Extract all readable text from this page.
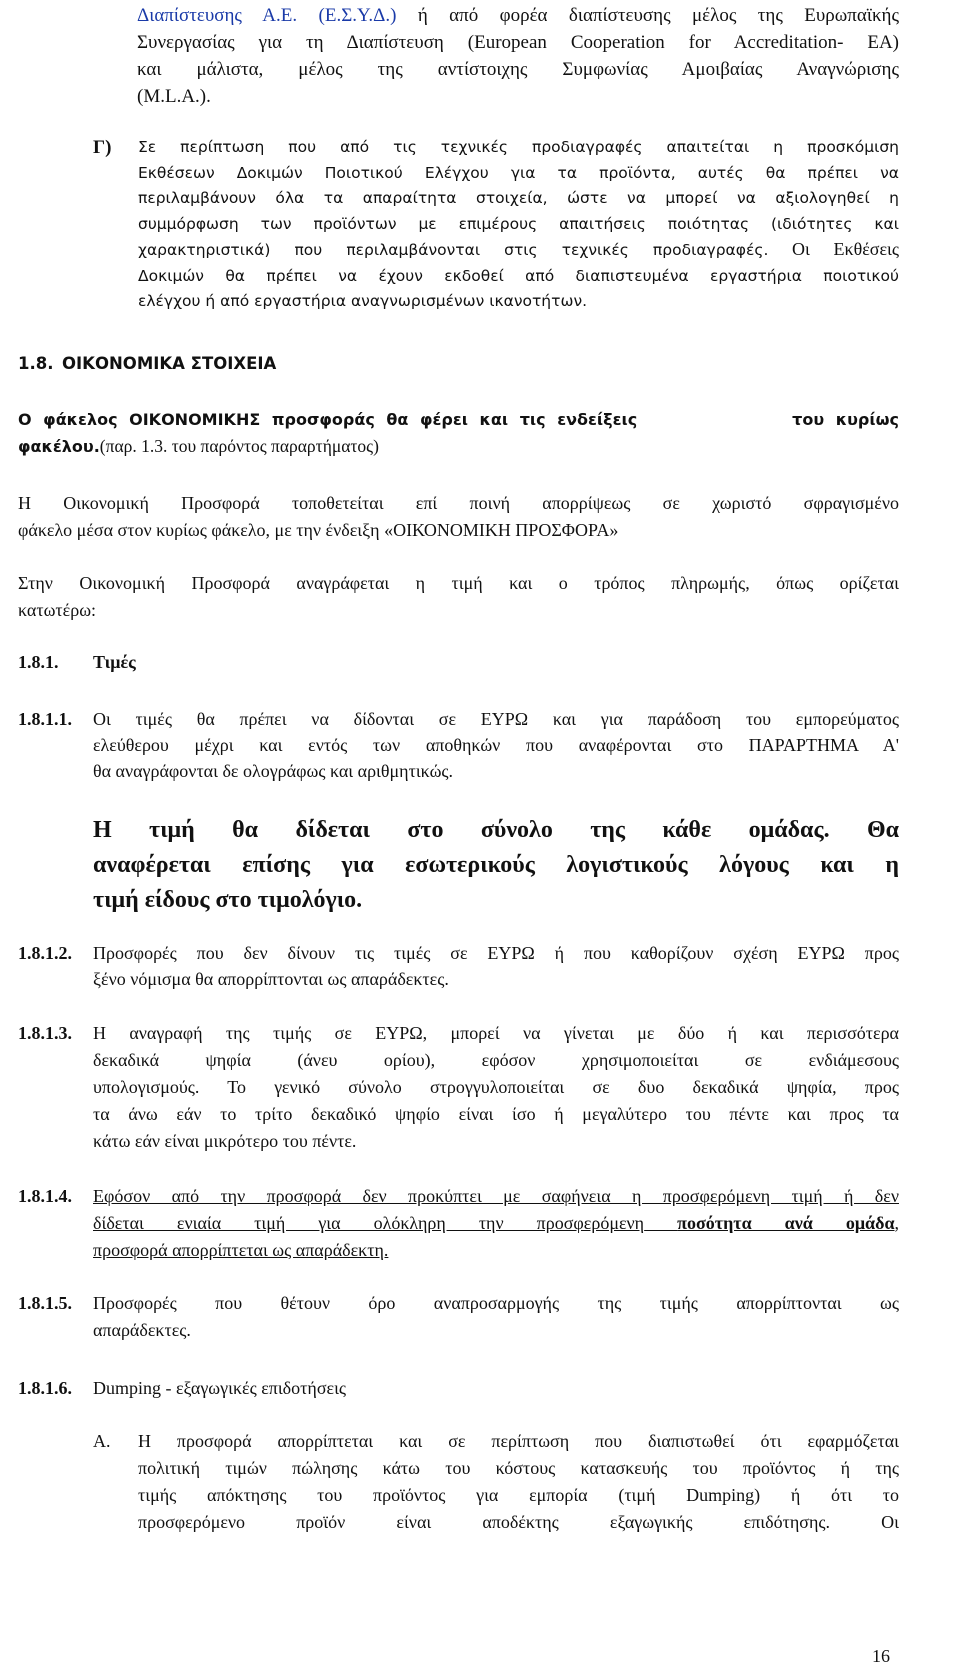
Διαπίστευσης Α.Ε. (Ε.Σ.Υ.Δ.) ή από φορέα διαπίστευσης μέλος της Ευρωπαϊκής
Συνεργασίας για τη Διαπίστευση (European Cooperation for Accreditation- EA)
και μάλιστα, μέλος της αντίστοιχης Συμφωνίας Αμοιβαίας Αναγνώρισης
(M.L.A.).
Γ)	Σε περίπτωση που από τις τεχνικές προδιαγραφές απαιτείται η προσκόμιση
Εκθέσεων Δοκιμών Ποιοτικού Ελέγχου για τα προϊόντα, αυτές θα πρέπει να
περιλαμβάνουν όλα τα απαραίτητα στοιχεία, ώστε να μπορεί να αξιολογηθεί η
συμμόρφωση των προϊόντων με επιμέρους απαιτήσεις ποιότητας (ιδιότητες και
χαρακτηριστικά) που περιλαμβάνονται στις τεχνικές προδιαγραφές. Οι Εκθέσεις
Δοκιμών θα πρέπει να έχουν εκδοθεί από διαπιστευμένα εργαστήρια ποιοτικού
ελέγχου ή από εργαστήρια αναγνωρισμένων ικανοτήτων.
1.8. ΟΙΚΟΝΟΜΙΚΑ ΣΤΟΙΧΕΙΑ
Ο φάκελος ΟΙΚΟΝΟΜΙΚΗΣ προσφοράς θα φέρει και τις ενδείξεις	του κυρίως
φακέλου.(παρ. 1.3. του παρόντος παραρτήματος)
Η Οικονομική Προσφορά τοποθετείται επί ποινή απορρίψεως σε χωριστό σφραγισμένο
φάκελο μέσα στον κυρίως φάκελο, με την ένδειξη «ΟΙΚΟΝΟΜΙΚΗ ΠΡΟΣΦΟΡΑ»
Στην Οικονομική Προσφορά αναγράφεται η τιμή και ο τρόπος πληρωμής, όπως ορίζεται
κατωτέρω:
1.8.1.	Τιμές
1.8.1.1.	Οι τιμές θα πρέπει να δίδονται σε ΕΥΡΩ και για παράδοση του εμπορεύματος
ελεύθερου μέχρι και εντός των αποθηκών που αναφέρονται στο ΠΑΡΑΡΤΗΜΑ Α'
θα αναγράφονται δε ολογράφως και αριθμητικώς.
Η τιμή θα δίδεται στο σύνολο της κάθε ομάδας. Θα
αναφέρεται επίσης για εσωτερικούς λογιστικούς λόγους και η
τιμή είδους στο τιμολόγιο.
1.8.1.2.	Προσφορές που δεν δίνουν τις τιμές σε ΕΥΡΩ ή που καθορίζουν σχέση ΕΥΡΩ προς
ξένο νόμισμα θα απορρίπτονται ως απαράδεκτες.
1.8.1.3.	Η αναγραφή της τιμής σε ΕΥΡΩ, μπορεί να γίνεται με δύο ή και περισσότερα
δεκαδικά ψηφία (άνευ ορίου), εφόσον χρησιμοποιείται σε ενδιάμεσους
υπολογισμούς. Το γενικό σύνολο στρογγυλοποιείται σε δυο δεκαδικά ψηφία, προς
τα άνω εάν το τρίτο δεκαδικό ψηφίο είναι ίσο ή μεγαλύτερο του πέντε και προς τα
κάτω εάν είναι μικρότερο του πέντε.
1.8.1.4.	Εφόσον από την προσφορά δεν προκύπτει με σαφήνεια η προσφερόμενη τιμή ή δεν
δίδεται ενιαία τιμή για ολόκληρη την προσφερόμενη ποσότητα ανά ομάδα,
προσφορά απορρίπτεται ως απαράδεκτη.
1.8.1.5.	Προσφορές που θέτουν όρο αναπροσαρμογής της τιμής απορρίπτονται ως
απαράδεκτες.
1.8.1.6.	Dumping - εξαγωγικές επιδοτήσεις
Α.	Η προσφορά απορρίπτεται και σε περίπτωση που διαπιστωθεί ότι εφαρμόζεται
πολιτική τιμών πώλησης κάτω του κόστους κατασκευής του προϊόντος ή της
τιμής απόκτησης του προϊόντος για εμπορία (τιμή Dumping) ή ότι το
προσφερόμενο προϊόν είναι αποδέκτης εξαγωγικής επιδότησης. Οι
16
